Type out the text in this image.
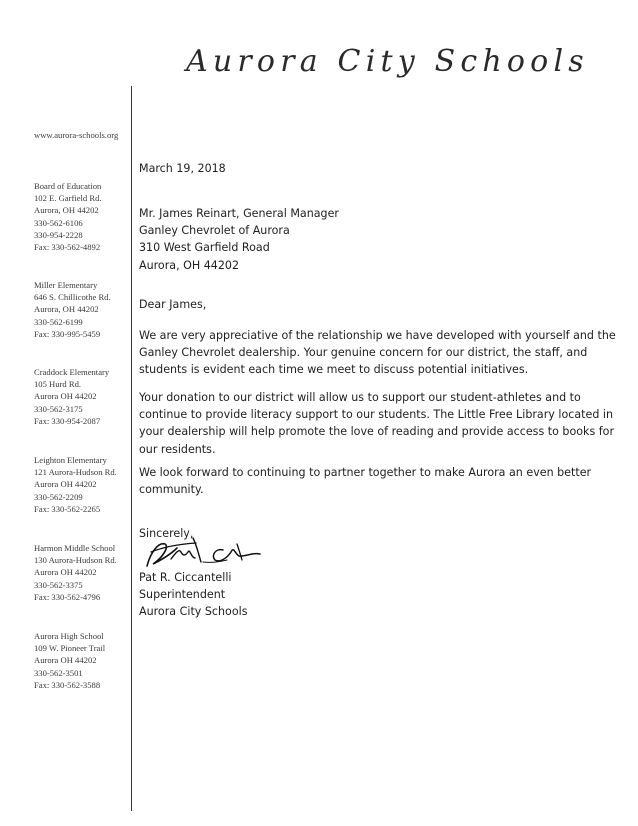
Aurora City Schools
www.aurora-schools.org
Board of Education
102 E. Garfield Rd.
Aurora, OH 44202
330-562-6106
330-954-2228
Fax: 330-562-4892
Miller Elementary
646 S. Chillicothe Rd.
Aurora, OH 44202
330-562-6199
Fax: 330-995-5459
Craddock Elementary
105 Hurd Rd.
Aurora OH 44202
330-562-3175
Fax: 330-954-2087
Leighton Elementary
121 Aurora-Hudson Rd.
Aurora OH 44202
330-562-2209
Fax: 330-562-2265
Harmon Middle School
130 Aurora-Hudson Rd.
Aurora OH 44202
330-562-3375
Fax: 330-562-4796
Aurora High School
109 W. Pioneer Trail
Aurora OH 44202
330-562-3501
Fax: 330-562-3588

March 19, 2018

Mr. James Reinart, General Manager

Ganley Chevrolet of Aurora

310 West Garfield Road

Aurora, OH 44202

Dear James,

We are very appreciative of the relationship we have developed with yourself and the Ganley Chevrolet dealership. Your genuine concern for our district, the staff, and students is evident each time we meet to discuss potential initiatives.

Your donation to our district will allow us to support our student-athletes and to continue to provide literacy support to our students. The Little Free Library located in your dealership will help promote the love of reading and provide access to books for our residents.

We look forward to continuing to partner together to make Aurora an even better community.

Sincerely,

Pat R. Ciccantelli

Superintendent

Aurora City Schools
